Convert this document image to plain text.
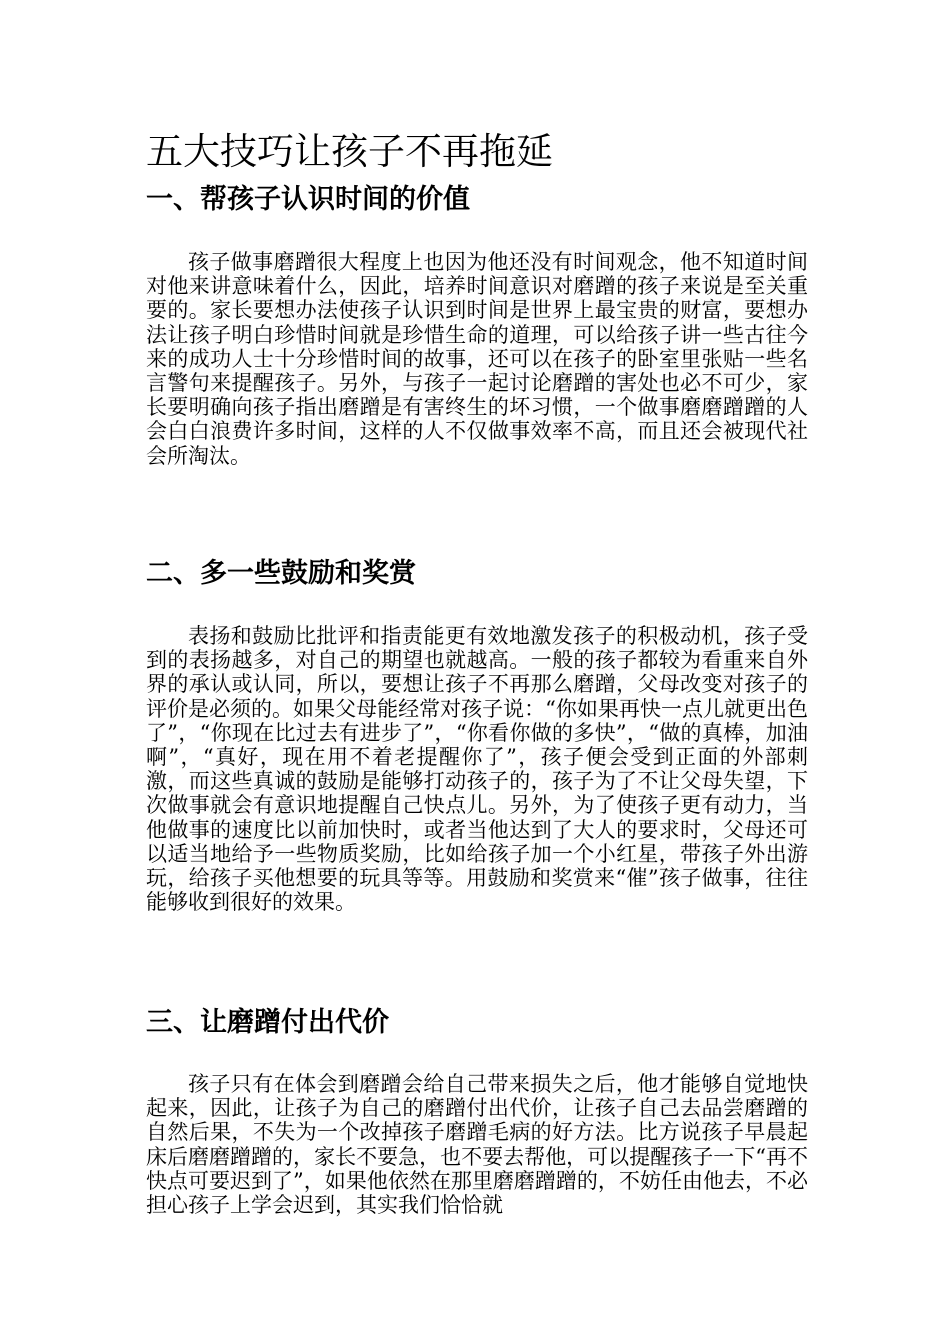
五大技巧让孩子不再拖延
一、帮孩子认识时间的价值

孩子做事磨蹭很大程度上也因为他还没有时间观念，他不知道时间对他来讲意味着什么，因此，培养时间意识对磨蹭的孩子来说是至关重要的。家长要想办法使孩子认识到时间是世界上最宝贵的财富，要想办法让孩子明白珍惜时间就是珍惜生命的道理，可以给孩子讲一些古往今来的成功人士十分珍惜时间的故事，还可以在孩子的卧室里张贴一些名言警句来提醒孩子。另外，与孩子一起讨论磨蹭的害处也必不可少，家长要明确向孩子指出磨蹭是有害终生的坏习惯，一个做事磨磨蹭蹭的人会白白浪费许多时间，这样的人不仅做事效率不高，而且还会被现代社会所淘汰。

二、多一些鼓励和奖赏

表扬和鼓励比批评和指责能更有效地激发孩子的积极动机，孩子受到的表扬越多，对自己的期望也就越高。一般的孩子都较为看重来自外界的承认或认同，所以，要想让孩子不再那么磨蹭，父母改变对孩子的评价是必须的。如果父母能经常对孩子说：“你如果再快一点儿就更出色了”，“你现在比过去有进步了”，“你看你做的多快”，“做的真棒，加油啊”，“真好，现在用不着老提醒你了”，孩子便会受到正面的外部刺激，而这些真诚的鼓励是能够打动孩子的，孩子为了不让父母失望，下次做事就会有意识地提醒自己快点儿。另外，为了使孩子更有动力，当他做事的速度比以前加快时，或者当他达到了大人的要求时，父母还可以适当地给予一些物质奖励，比如给孩子加一个小红星，带孩子外出游玩，给孩子买他想要的玩具等等。用鼓励和奖赏来“催”孩子做事，往往能够收到很好的效果。

三、让磨蹭付出代价

孩子只有在体会到磨蹭会给自己带来损失之后，他才能够自觉地快起来，因此，让孩子为自己的磨蹭付出代价，让孩子自己去品尝磨蹭的自然后果，不失为一个改掉孩子磨蹭毛病的好方法。比方说孩子早晨起床后磨磨蹭蹭的，家长不要急，也不要去帮他，可以提醒孩子一下“再不快点可要迟到了”，如果他依然在那里磨磨蹭蹭的，不妨任由他去，不必担心孩子上学会迟到，其实我们恰恰就
